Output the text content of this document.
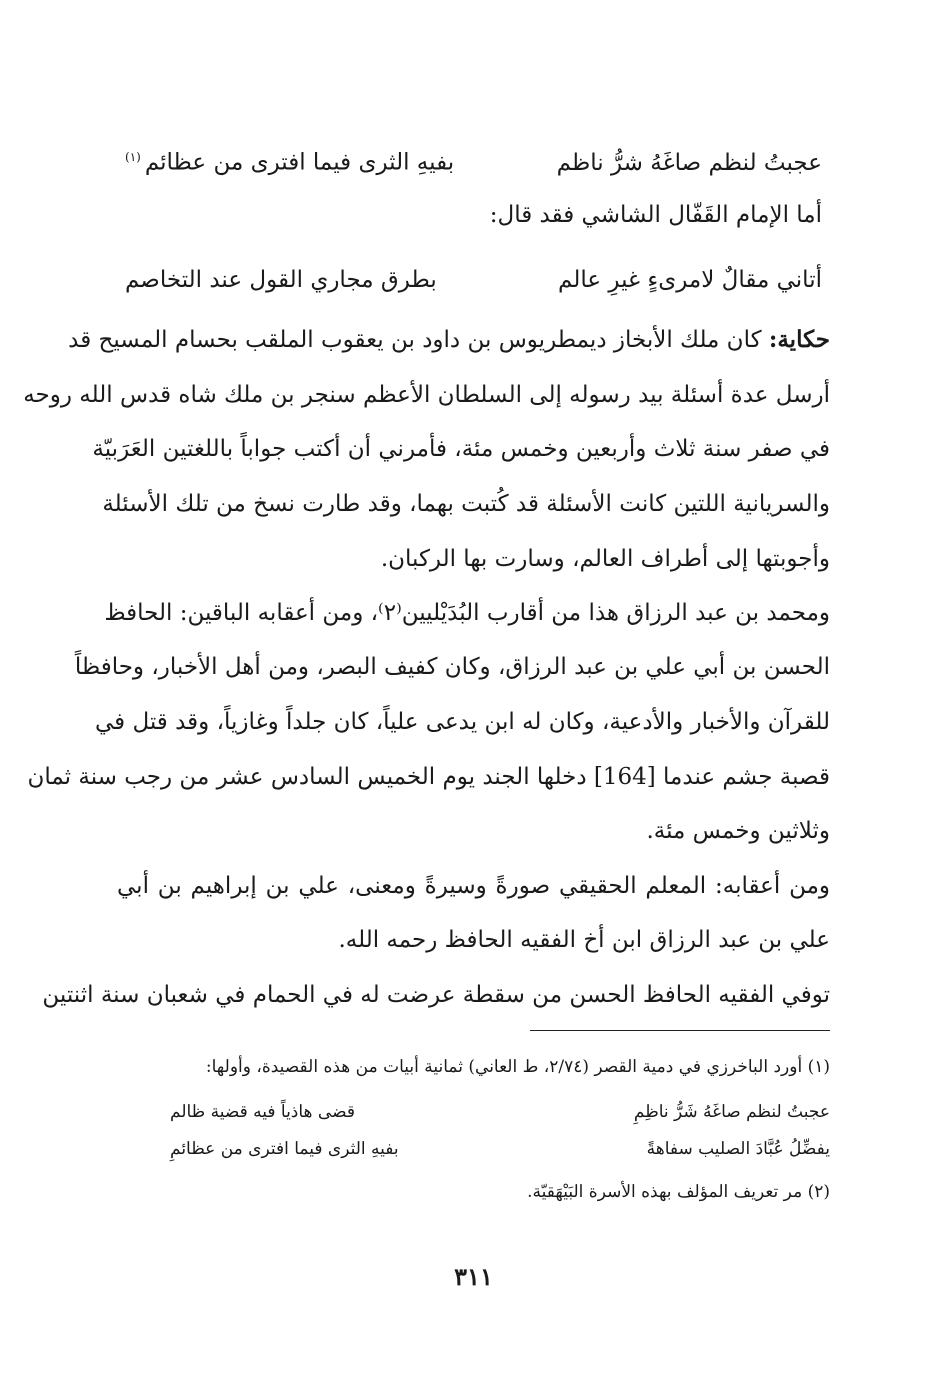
عجبتُ لنظم صاغَهُ شرُّ ناظم
بفيهِ الثرى فيما افترى من عظائم$^{(١)}$
أما الإمام القَفّال الشاشي فقد قال:
أتاني مقالٌ لامرىءٍ غيرِ عالم
بطرق مجاري القول عند التخاصم
حكاية: كان ملك الأبخاز ديمطريوس بن داود بن يعقوب الملقب بحسام المسيح قد
أرسل عدة أسئلة بيد رسوله إلى السلطان الأعظم سنجر بن ملك شاه قدس الله روحه
في صفر سنة ثلاث وأربعين وخمس مئة، فأمرني أن أكتب جواباً باللغتين العَرَبيّة
والسريانية اللتين كانت الأسئلة قد كُتبت بهما، وقد طارت نسخ من تلك الأسئلة
وأجوبتها إلى أطراف العالم، وسارت بها الركبان.
ومحمد بن عبد الرزاق هذا من أقارب البُدَيْليين⁽٢⁾، ومن أعقابه الباقين: الحافظ
الحسن بن أبي علي بن عبد الرزاق، وكان كفيف البصر، ومن أهل الأخبار، وحافظاً
للقرآن والأخبار والأدعية، وكان له ابن يدعى علياً، كان جلداً وغازياً، وقد قتل في
قصبة جشم عندما [164] دخلها الجند يوم الخميس السادس عشر من رجب سنة ثمان
وثلاثين وخمس مئة.
ومن أعقابه: المعلم الحقيقي صورةً وسيرةً ومعنى، علي بن إبراهيم بن أبي
علي بن عبد الرزاق ابن أخ الفقيه الحافظ رحمه الله.
توفي الفقيه الحافظ الحسن من سقطة عرضت له في الحمام في شعبان سنة اثنتين
(١) أورد الباخرزي في دمية القصر (٢/٧٤، ط العاني) ثمانية أبيات من هذه القصيدة، وأولها:
عجبتُ لنظم صاغَهُ شَرُّ ناظِمِ
قضى هاذياً فيه قضية ظالم
يفضِّلُ عُبَّادَ الصليب سفاهةً
بفيهِ الثرى فيما افترى من عظائمِ
(٢) مر تعريف المؤلف بهذه الأسرة البَيْهَقيّة.
٣١١
